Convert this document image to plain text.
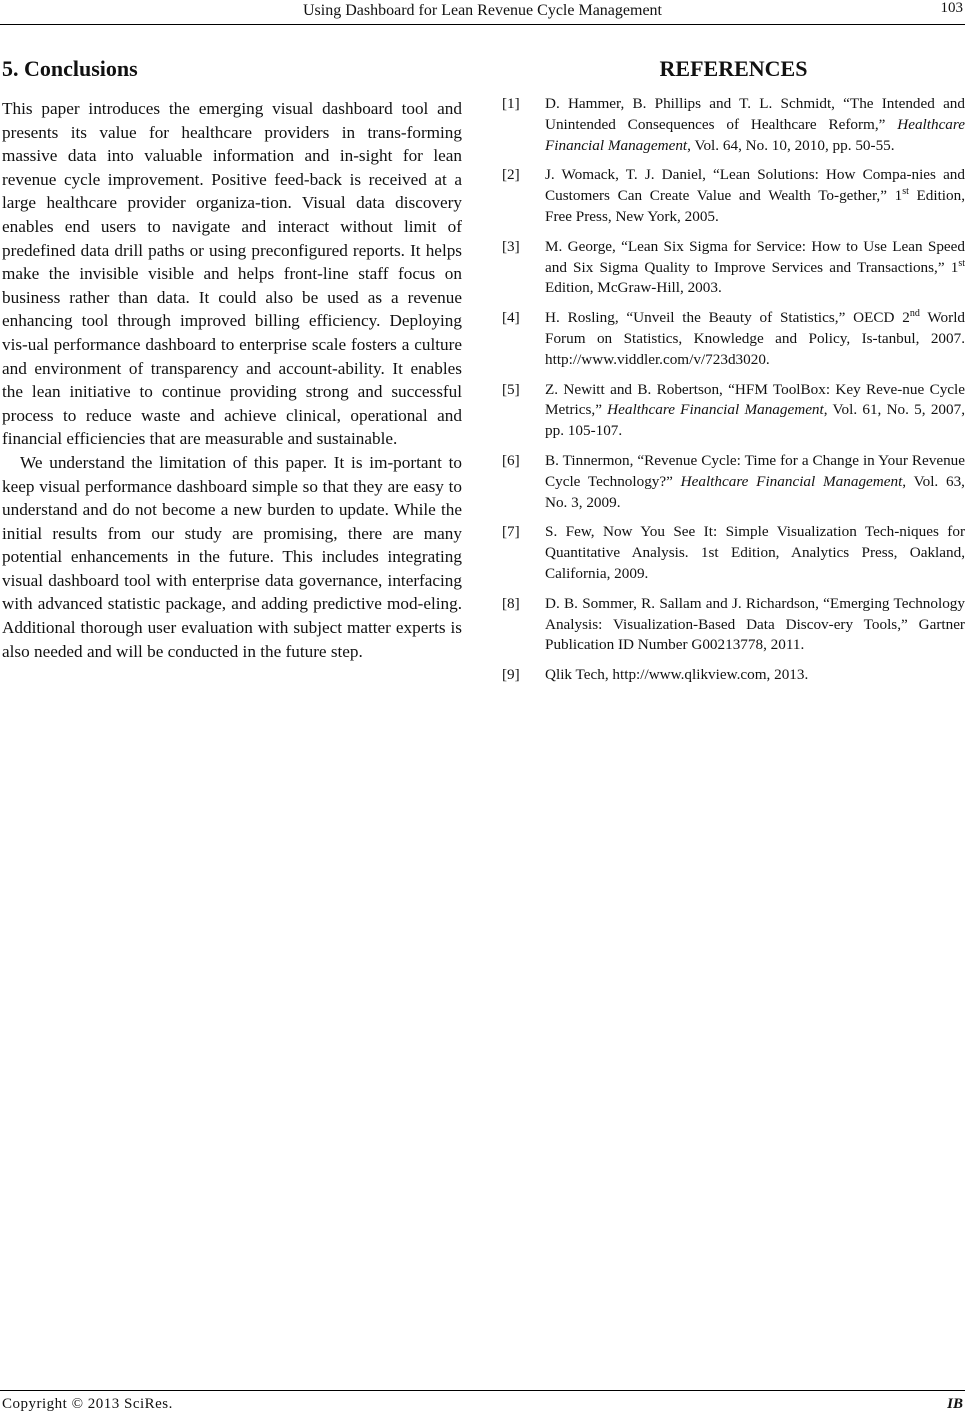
Using Dashboard for Lean Revenue Cycle Management	103
5. Conclusions

This paper introduces the emerging visual dashboard tool and presents its value for healthcare providers in trans-forming massive data into valuable information and in-sight for lean revenue cycle improvement. Positive feed-back is received at a large healthcare provider organiza-tion. Visual data discovery enables end users to navigate and interact without limit of predefined data drill paths or using preconfigured reports. It helps make the invisible visible and helps front-line staff focus on business rather than data. It could also be used as a revenue enhancing tool through improved billing efficiency. Deploying vis-ual performance dashboard to enterprise scale fosters a culture and environment of transparency and account-ability. It enables the lean initiative to continue providing strong and successful process to reduce waste and achieve clinical, operational and financial efficiencies that are measurable and sustainable.

We understand the limitation of this paper. It is im-portant to keep visual performance dashboard simple so that they are easy to understand and do not become a new burden to update. While the initial results from our study are promising, there are many potential enhancements in the future. This includes integrating visual dashboard tool with enterprise data governance, interfacing with advanced statistic package, and adding predictive mod-eling. Additional thorough user evaluation with subject matter experts is also needed and will be conducted in the future step.

REFERENCES
[1] D. Hammer, B. Phillips and T. L. Schmidt, “The Intended and Unintended Consequences of Healthcare Reform,” Healthcare Financial Management, Vol. 64, No. 10, 2010, pp. 50-55.
[2] J. Womack, T. J. Daniel, “Lean Solutions: How Compa-nies and Customers Can Create Value and Wealth To-gether,” 1st Edition, Free Press, New York, 2005.
[3] M. George, “Lean Six Sigma for Service: How to Use Lean Speed and Six Sigma Quality to Improve Services and Transactions,” 1st Edition, McGraw-Hill, 2003.
[4] H. Rosling, “Unveil the Beauty of Statistics,” OECD 2nd World Forum on Statistics, Knowledge and Policy, Is-tanbul, 2007. http://www.viddler.com/v/723d3020.
[5] Z. Newitt and B. Robertson, “HFM ToolBox: Key Reve-nue Cycle Metrics,” Healthcare Financial Management, Vol. 61, No. 5, 2007, pp. 105-107.
[6] B. Tinnermon, “Revenue Cycle: Time for a Change in Your Revenue Cycle Technology?” Healthcare Financial Management, Vol. 63, No. 3, 2009.
[7] S. Few, Now You See It: Simple Visualization Tech-niques for Quantitative Analysis. 1st Edition, Analytics Press, Oakland, California, 2009.
[8] D. B. Sommer, R. Sallam and J. Richardson, “Emerging Technology Analysis: Visualization-Based Data Discov-ery Tools,” Gartner Publication ID Number G00213778, 2011.
[9] Qlik Tech, http://www.qlikview.com, 2013.
Copyright © 2013 SciRes.	IB
